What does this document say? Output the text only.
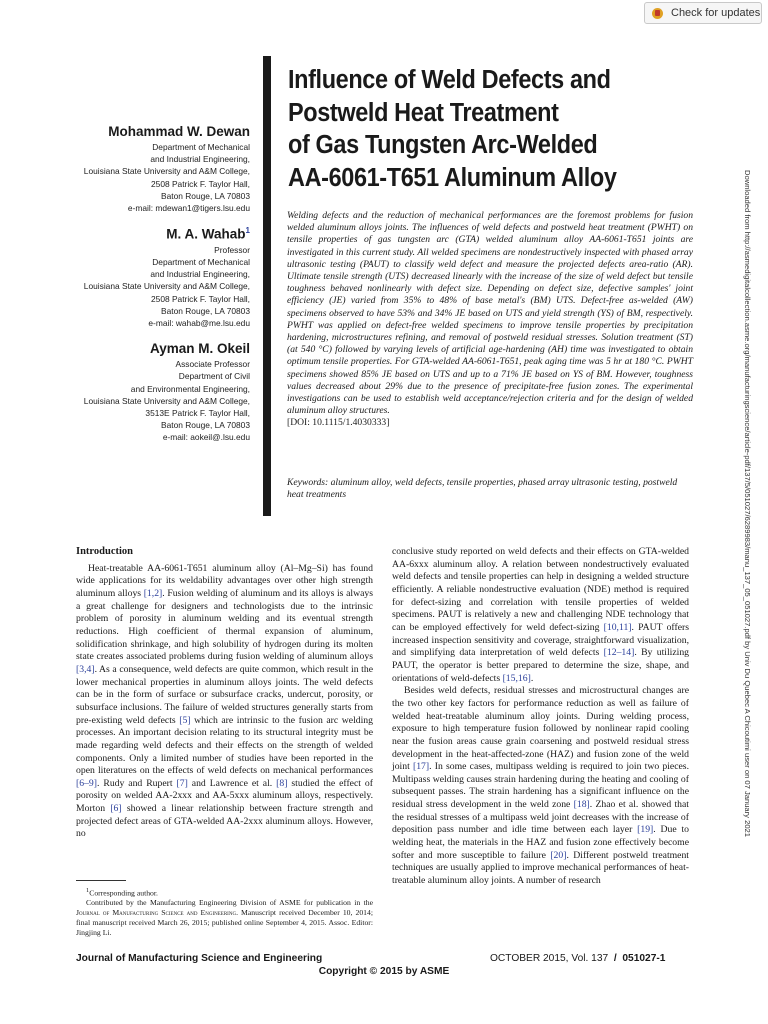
Check for updates
Mohammad W. Dewan
Department of Mechanical
and Industrial Engineering,
Louisiana State University and A&M College,
2508 Patrick F. Taylor Hall,
Baton Rouge, LA 70803
e-mail: mdewan1@tigers.lsu.edu
M. A. Wahab$^1$
Professor
Department of Mechanical
and Industrial Engineering,
Louisiana State University and A&M College,
2508 Patrick F. Taylor Hall,
Baton Rouge, LA 70803
e-mail: wahab@me.lsu.edu
Ayman M. Okeil
Associate Professor
Department of Civil
and Environmental Engineering,
Louisiana State University and A&M College,
3513E Patrick F. Taylor Hall,
Baton Rouge, LA 70803
e-mail: aokeil@.lsu.edu
Influence of Weld Defects and
Postweld Heat Treatment
of Gas Tungsten Arc-Welded
AA-6061-T651 Aluminum Alloy
Welding defects and the reduction of mechanical performances are the foremost problems for fusion welded aluminum alloys joints. The influences of weld defects and postweld heat treatment (PWHT) on tensile properties of gas tungsten arc (GTA) welded aluminum alloy AA-6061-T651 joints are investigated in this current study. All welded specimens are nondestructively inspected with phased array ultrasonic testing (PAUT) to classify weld defect and measure the projected defects area-ratio (AR). Ultimate tensile strength (UTS) decreased linearly with the increase of the size of weld defect but tensile toughness behaved nonlinearly with defect size. Depending on defect size, defective samples' joint efficiency (JE) varied from 35% to 48% of base metal's (BM) UTS. Defect-free as-welded (AW) specimens observed to have 53% and 34% JE based on UTS and yield strength (YS) of BM, respectively. PWHT was applied on defect-free welded specimens to improve tensile properties by precipitation hardening, microstructures refining, and removal of postweld residual stresses. Solution treatment (ST) (at 540 °C) followed by varying levels of artificial age-hardening (AH) time was investigated to obtain optimum tensile properties. For GTA-welded AA-6061-T651, peak aging time was 5 hr at 180 °C. PWHT specimens showed 85% JE based on UTS and up to a 71% JE based on YS of BM. However, toughness values decreased about 29% due to the presence of precipitate-free fusion zones. The experimental investigations can be used to establish weld acceptance/rejection criteria and for the design of welded aluminum alloy structures.
[DOI: 10.1115/1.4030333]
Keywords: aluminum alloy, weld defects, tensile properties, phased array ultrasonic testing, postweld heat treatments
Introduction

Heat-treatable AA-6061-T651 aluminum alloy (Al–Mg–Si) has found wide applications for its weldability advantages over other high strength aluminum alloys [1,2]. Fusion welding of aluminum and its alloys is always a great challenge for designers and technologists due to the intrinsic problem of porosity in aluminum welding and its eventual strength reductions. High coefficient of thermal expansion of aluminum, solidification shrinkage, and high solubility of hydrogen during its molten state creates associated problems during fusion welding of aluminum alloys [3,4]. As a consequence, weld defects are quite common, which result in the lower mechanical properties in aluminum alloys joints. The weld defects can be in the form of surface or subsurface cracks, undercut, porosity, or subsurface inclusions. The failure of welded structures generally starts from pre-existing weld defects [5] which are intrinsic to the fusion arc welding processes. An important decision relating to its structural integrity must be made regarding weld defects and their effects on the strength of welded components. Only a limited number of studies have been reported in the open literatures on the effects of weld defects on mechanical performances [6–9]. Rudy and Rupert [7] and Lawrence et al. [8] studied the effect of porosity on welded AA-2xxx and AA-5xxx aluminum alloys, respectively. Morton [6] showed a linear relationship between fracture strength and projected defect areas of GTA-welded AA-2xxx aluminum alloys. However, no

conclusive study reported on weld defects and their effects on GTA-welded AA-6xxx aluminum alloy. A relation between nondestructively evaluated weld defects and tensile properties can help in designing a welded structure efficiently. A reliable nondestructive evaluation (NDE) method is required for defect-sizing and correlation with tensile properties of welded specimens. PAUT is relatively a new and challenging NDE technology that can be employed effectively for weld defect-sizing [10,11]. PAUT offers increased inspection sensitivity and coverage, straightforward visualization, and simplifying data interpretation of weld defects [12–14]. By utilizing PAUT, the operator is better prepared to determine the size, shape, and orientations of weld-defects [15,16].

Besides weld defects, residual stresses and microstructural changes are the two other key factors for performance reduction as well as failure of welded heat-treatable aluminum alloy joints. During welding process, exposure to high temperature fusion followed by nonlinear rapid cooling near the fusion areas cause grain coarsening and postweld residual stress development in the heat-affected-zone (HAZ) and fusion zone of the weld joint [17]. In some cases, multipass welding is required to join two pieces. Multipass welding causes strain hardening during the heating and cooling of subsequent passes. The strain hardening has a significant influence on the residual stress development in the weld zone [18]. Zhao et al. showed that the residual stresses of a multipass weld joint decreases with the increase of deposition pass number and idle time between each layer [19]. Due to welding heat, the materials in the HAZ and fusion zone effectively become softer and more susceptible to failure [20]. Different postweld treatment techniques are usually applied to improve mechanical performances of heat-treatable aluminum alloy joints. A number of research

$^1$Corresponding author.

Contributed by the Manufacturing Engineering Division of ASME for publication in the Journal of Manufacturing Science and Engineering. Manuscript received December 10, 2014; final manuscript received March 26, 2015; published online September 4, 2015. Assoc. Editor: Jingjing Li.

Journal of Manufacturing Science and Engineering	OCTOBER 2015, Vol. 137 / 051027-1
Copyright © 2015 by ASME
Downloaded from http://asmedigitalcollection.asme.org/manufacturingscience/article-pdf/137/5/051027/6289983/manu_137_05_051027.pdf by Univ Du Quebec A Chicoutimi user on 07 January 2021
